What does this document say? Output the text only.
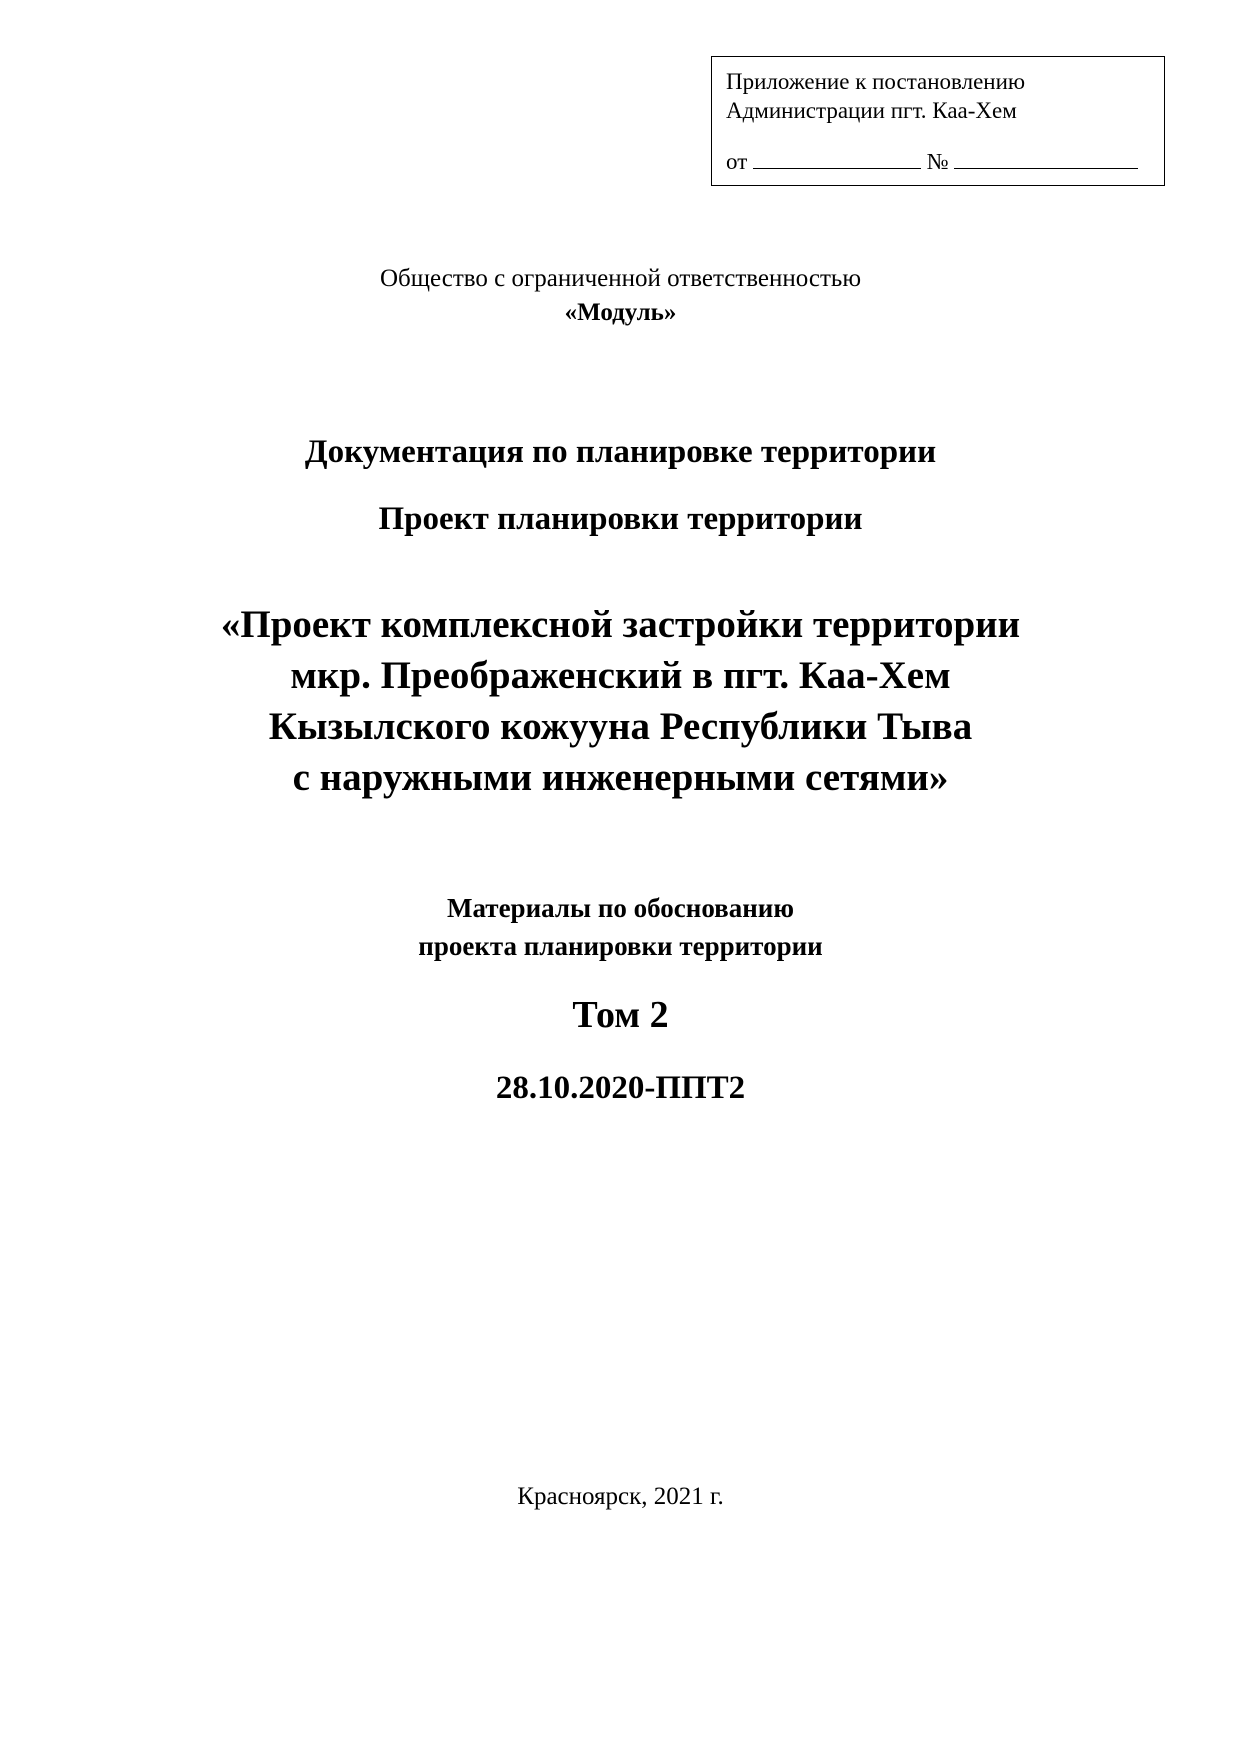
Приложение к постановлению
Администрации пгт. Каа-Хем
от	№
Общество с ограниченной ответственностью
«Модуль»
Документация по планировке территории
Проект планировки территории
«Проект комплексной застройки территории
мкр. Преображенский в пгт. Каа-Хем
Кызылского кожууна Республики Тыва
с наружными инженерными сетями»
Материалы по обоснованию
проекта планировки территории
Том 2
28.10.2020-ППТ2
Красноярск, 2021 г.
